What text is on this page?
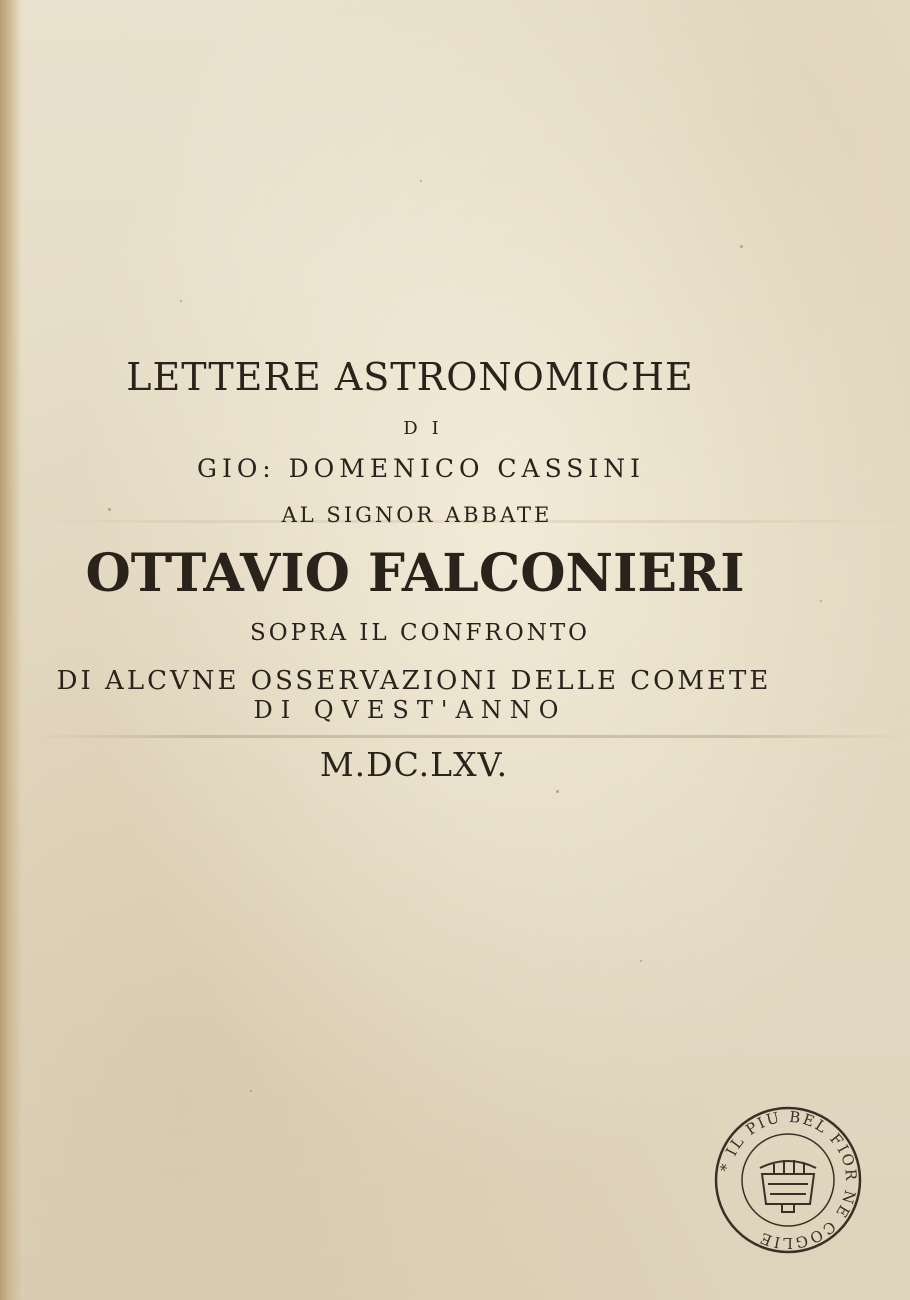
LETTERE ASTRONOMICHE
DI
GIO: DOMENICO CASSINI
AL SIGNOR ABBATE
OTTAVIO FALCONIERI
SOPRA IL CONFRONTO
DI ALCVNE OSSERVAZIONI DELLE COMETE
DI QVEST'ANNO
M.DC.LXV.
* IL PIU BEL FIOR NE COGLIE
